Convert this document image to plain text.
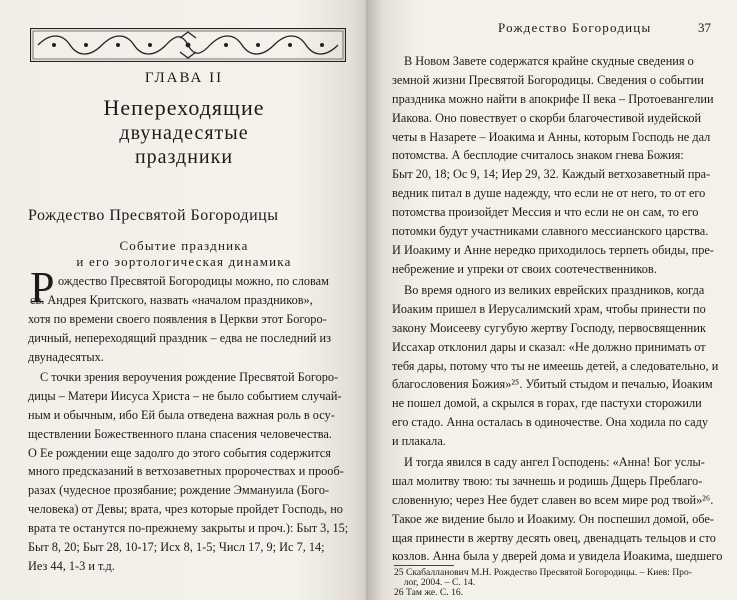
ГЛАВА II
Непереходящие
двунадесятые
праздники
Рождество Пресвятой Богородицы
Событие праздника
и его эортологическая динамика
Р ождество Пресвятой Богородицы можно, по словам
св. Андрея Критского, назвать «началом праздников»,
хотя по времени своего появления в Церкви этот Богоро-
дичный, непереходящий праздник – едва не последний из
двунадесятых.
С точки зрения вероучения рождение Пресвятой Богоро-
дицы – Матери Иисуса Христа – не было событием случай-
ным и обычным, ибо Ей была отведена важная роль в осу-
ществлении Божественного плана спасения человечества.
О Ее рождении еще задолго до этого события содержится
много предсказаний в ветхозаветных пророчествах и прооб-
разах (чудесное прозябание; рождение Эммануила (Бого-
человека) от Девы; врата, чрез которые пройдет Господь, но
врата те останутся по-прежнему закрыты и проч.): Быт 3, 15;
Быт 8, 20; Быт 28, 10-17; Исх 8, 1-5; Числ 17, 9; Ис 7, 14;
Иез 44, 1-3 и т.д.
Рождество Богородицы	37
В Новом Завете содержатся крайне скудные сведения о
земной жизни Пресвятой Богородицы. Сведения о событии
праздника можно найти в апокрифе II века – Протоевангелии
Иакова. Оно повествует о скорби благочестивой иудейской
четы в Назарете – Иоакима и Анны, которым Господь не дал
потомства. А бесплодие считалось знаком гнева Божия:
Быт 20, 18; Ос 9, 14; Иер 29, 32. Каждый ветхозаветный пра-
ведник питал в душе надежду, что если не от него, то от его
потомства произойдет Мессия и что если не он сам, то его
потомки будут участниками славного мессианского царства.
И Иоакиму и Анне нередко приходилось терпеть обиды, пре-
небрежение и упреки от своих соотечественников.
Во время одного из великих еврейских праздников, когда
Иоаким пришел в Иерусалимский храм, чтобы принести по
закону Моисееву сугубую жертву Господу, первосвященник
Иссахар отклонил дары и сказал: «Не должно принимать от
тебя дары, потому что ты не имеешь детей, а следовательно, и
благословения Божия»²⁵. Убитый стыдом и печалью, Иоаким
не пошел домой, а скрылся в горах, где пастухи сторожили
его стадо. Анна осталась в одиночестве. Она ходила по саду
и плакала.
И тогда явился в саду ангел Господень: «Анна! Бог услы-
шал молитву твою: ты зачнешь и родишь Дщерь Преблаго-
словенную; через Нее будет славен во всем мире род твой»²⁶.
Такое же видение было и Иоакиму. Он поспешил домой, обе-
щая принести в жертву десять овец, двенадцать тельцов и сто
козлов. Анна была у дверей дома и увидела Иоакима, шедшего
25 Скабалланович М.Н. Рождество Пресвятой Богородицы. – Киев: Про-
лог, 2004. – С. 14.
26 Там же. С. 16.
